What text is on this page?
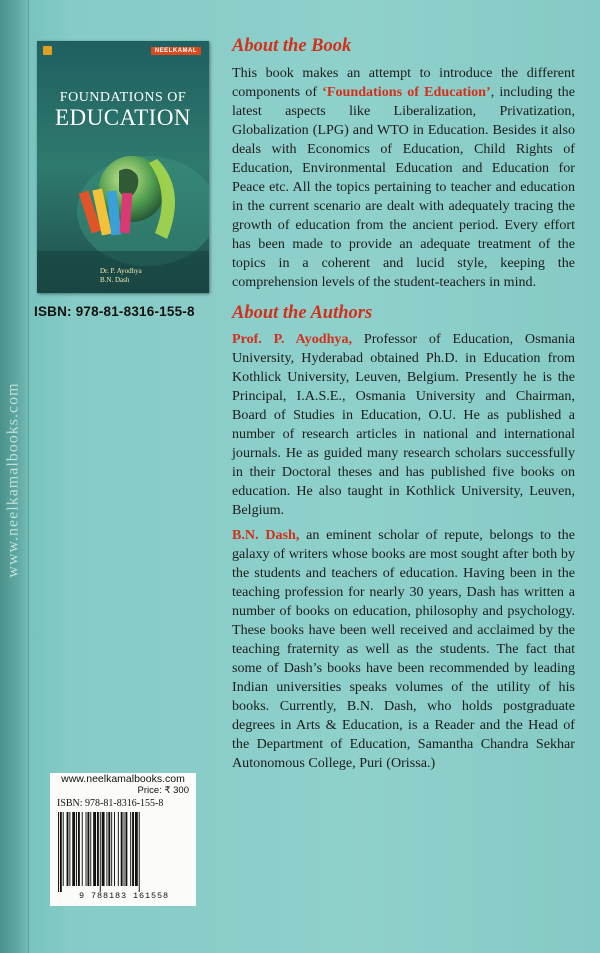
www.neelkamalbooks.com
NEELKAMAL
FOUNDATIONS OF
EDUCATION
Dr. P. Ayodhya
B.N. Dash
ISBN: 978-81-8316-155-8
www.neelkamalbooks.com
Price: ₹ 300
ISBN: 978-81-8316-155-8
9 788183 161558
About the Book

This book makes an attempt to introduce the different components of ‘Foundations of Education’, including the latest aspects like Liberalization, Privatization, Globalization (LPG) and WTO in Education. Besides it also deals with Economics of Education, Child Rights of Education, Environmental Education and Education for Peace etc. All the topics pertaining to teacher and education in the current scenario are dealt with adequately tracing the growth of education from the ancient period. Every effort has been made to provide an adequate treatment of the topics in a coherent and lucid style, keeping the comprehension levels of the student-teachers in mind.

About the Authors

Prof. P. Ayodhya, Professor of Education, Osmania University, Hyderabad obtained Ph.D. in Education from Kothlick University, Leuven, Belgium. Presently he is the Principal, I.A.S.E., Osmania University and Chairman, Board of Studies in Education, O.U. He as published a number of research articles in national and international journals. He as guided many research scholars successfully in their Doctoral theses and has published five books on education. He also taught in Kothlick University, Leuven, Belgium.

B.N. Dash, an eminent scholar of repute, belongs to the galaxy of writers whose books are most sought after both by the students and teachers of education. Having been in the teaching profession for nearly 30 years, Dash has written a number of books on education, philosophy and psychology. These books have been well received and acclaimed by the teaching fraternity as well as the students. The fact that some of Dash’s books have been recommended by leading Indian universities speaks volumes of the utility of his books. Currently, B.N. Dash, who holds postgraduate degrees in Arts & Education, is a Reader and the Head of the Department of Education, Samantha Chandra Sekhar Autonomous College, Puri (Orissa.)
